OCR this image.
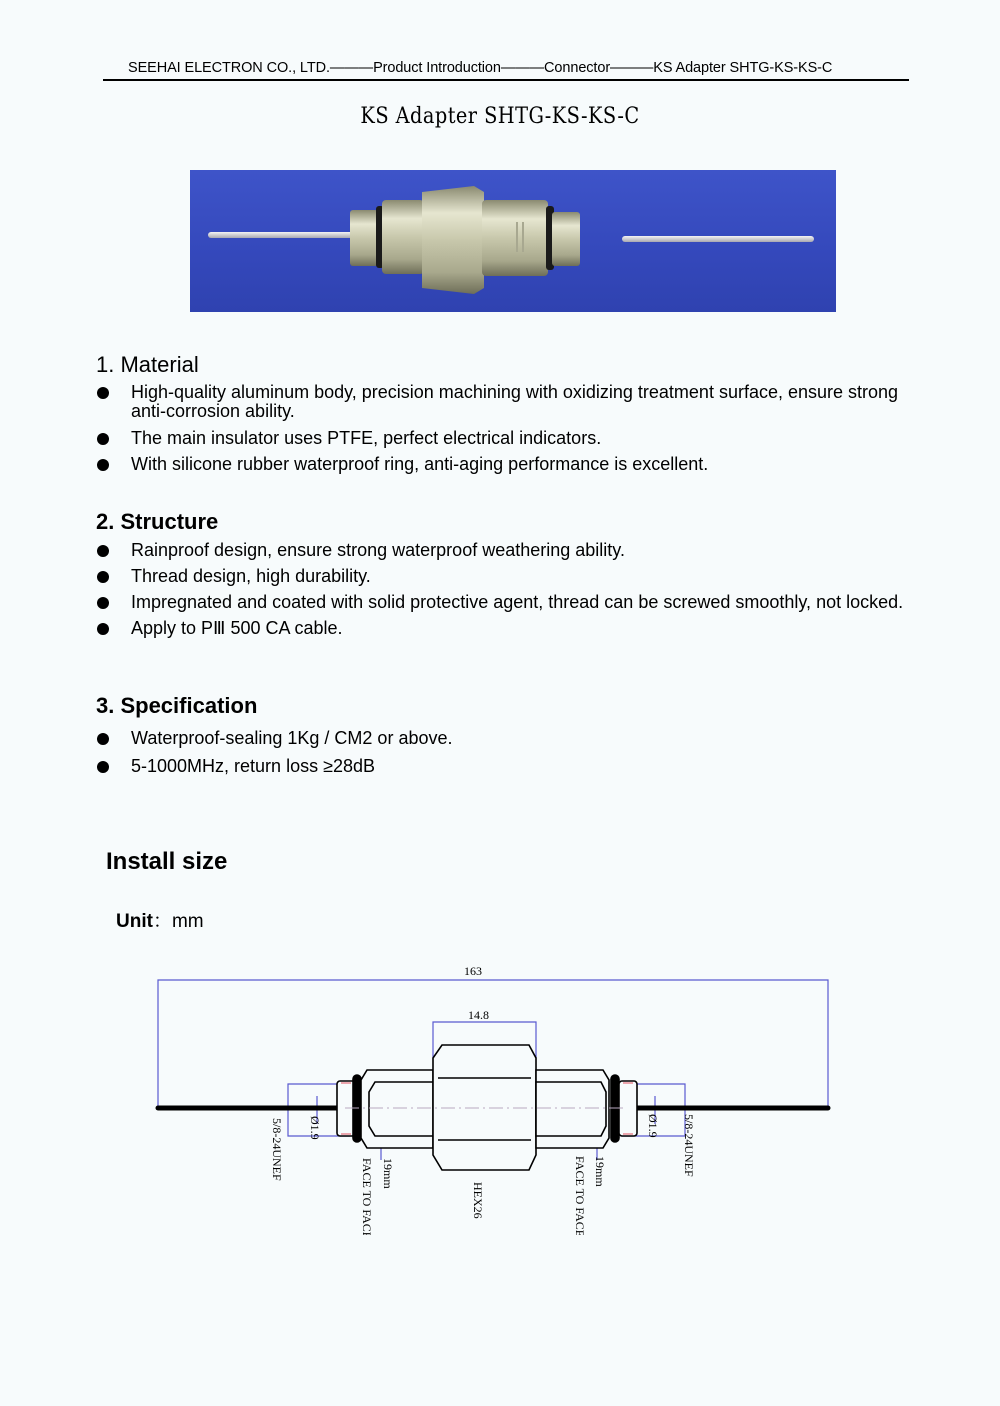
SEEHAI ELECTRON CO., LTD.———Product Introduction———Connector———KS Adapter SHTG-KS-KS-C
KS Adapter SHTG-KS-KS-C
1. Material
High-quality aluminum body, precision machining with oxidizing treatment surface, ensure strong anti-corrosion ability.
The main insulator uses PTFE, perfect electrical indicators.
With silicone rubber waterproof ring, anti-aging performance is excellent.
2. Structure
Rainproof design, ensure strong waterproof weathering ability.
Thread design, high durability.
Impregnated and coated with solid protective agent, thread can be screwed smoothly, not locked.
Apply to PⅢ 500 CA cable.
3. Specification
Waterproof-sealing 1Kg / CM2 or above.
5-1000MHz, return loss ≥28dB
Install size
Unit：mm
163
14.8
5/8-24UNEF Ø1.9
19mm
FACE TO FACE	HEX26
19mm
FACE TO FACE
Ø1.9 5/8-24UNEF
